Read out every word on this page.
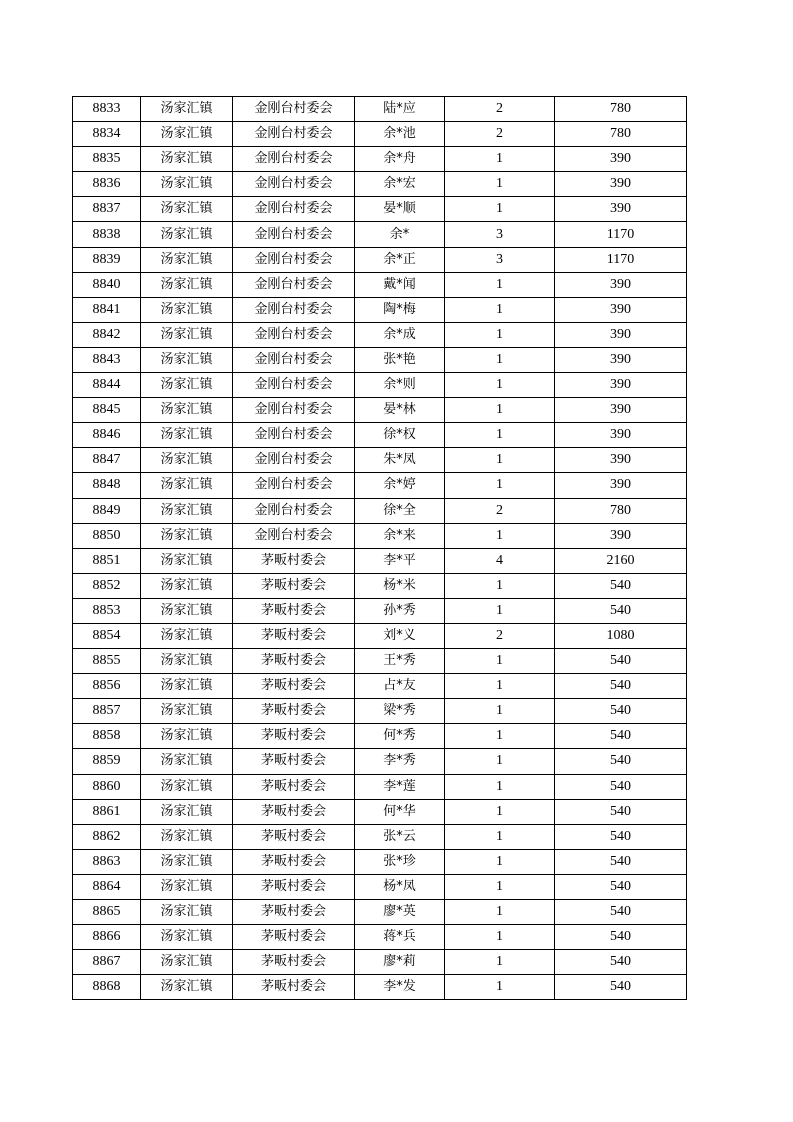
8833	汤家汇镇	金刚台村委会	陆*应	2	780
8834	汤家汇镇	金刚台村委会	余*池	2	780
8835	汤家汇镇	金刚台村委会	余*舟	1	390
8836	汤家汇镇	金刚台村委会	余*宏	1	390
8837	汤家汇镇	金刚台村委会	晏*顺	1	390
8838	汤家汇镇	金刚台村委会	余*	3	1170
8839	汤家汇镇	金刚台村委会	余*正	3	1170
8840	汤家汇镇	金刚台村委会	戴*闻	1	390
8841	汤家汇镇	金刚台村委会	陶*梅	1	390
8842	汤家汇镇	金刚台村委会	余*成	1	390
8843	汤家汇镇	金刚台村委会	张*艳	1	390
8844	汤家汇镇	金刚台村委会	余*则	1	390
8845	汤家汇镇	金刚台村委会	晏*林	1	390
8846	汤家汇镇	金刚台村委会	徐*权	1	390
8847	汤家汇镇	金刚台村委会	朱*凤	1	390
8848	汤家汇镇	金刚台村委会	余*婷	1	390
8849	汤家汇镇	金刚台村委会	徐*全	2	780
8850	汤家汇镇	金刚台村委会	余*来	1	390
8851	汤家汇镇	茅畈村委会	李*平	4	2160
8852	汤家汇镇	茅畈村委会	杨*米	1	540
8853	汤家汇镇	茅畈村委会	孙*秀	1	540
8854	汤家汇镇	茅畈村委会	刘*义	2	1080
8855	汤家汇镇	茅畈村委会	王*秀	1	540
8856	汤家汇镇	茅畈村委会	占*友	1	540
8857	汤家汇镇	茅畈村委会	梁*秀	1	540
8858	汤家汇镇	茅畈村委会	何*秀	1	540
8859	汤家汇镇	茅畈村委会	李*秀	1	540
8860	汤家汇镇	茅畈村委会	李*莲	1	540
8861	汤家汇镇	茅畈村委会	何*华	1	540
8862	汤家汇镇	茅畈村委会	张*云	1	540
8863	汤家汇镇	茅畈村委会	张*珍	1	540
8864	汤家汇镇	茅畈村委会	杨*凤	1	540
8865	汤家汇镇	茅畈村委会	廖*英	1	540
8866	汤家汇镇	茅畈村委会	蒋*兵	1	540
8867	汤家汇镇	茅畈村委会	廖*莉	1	540
8868	汤家汇镇	茅畈村委会	李*发	1	540
